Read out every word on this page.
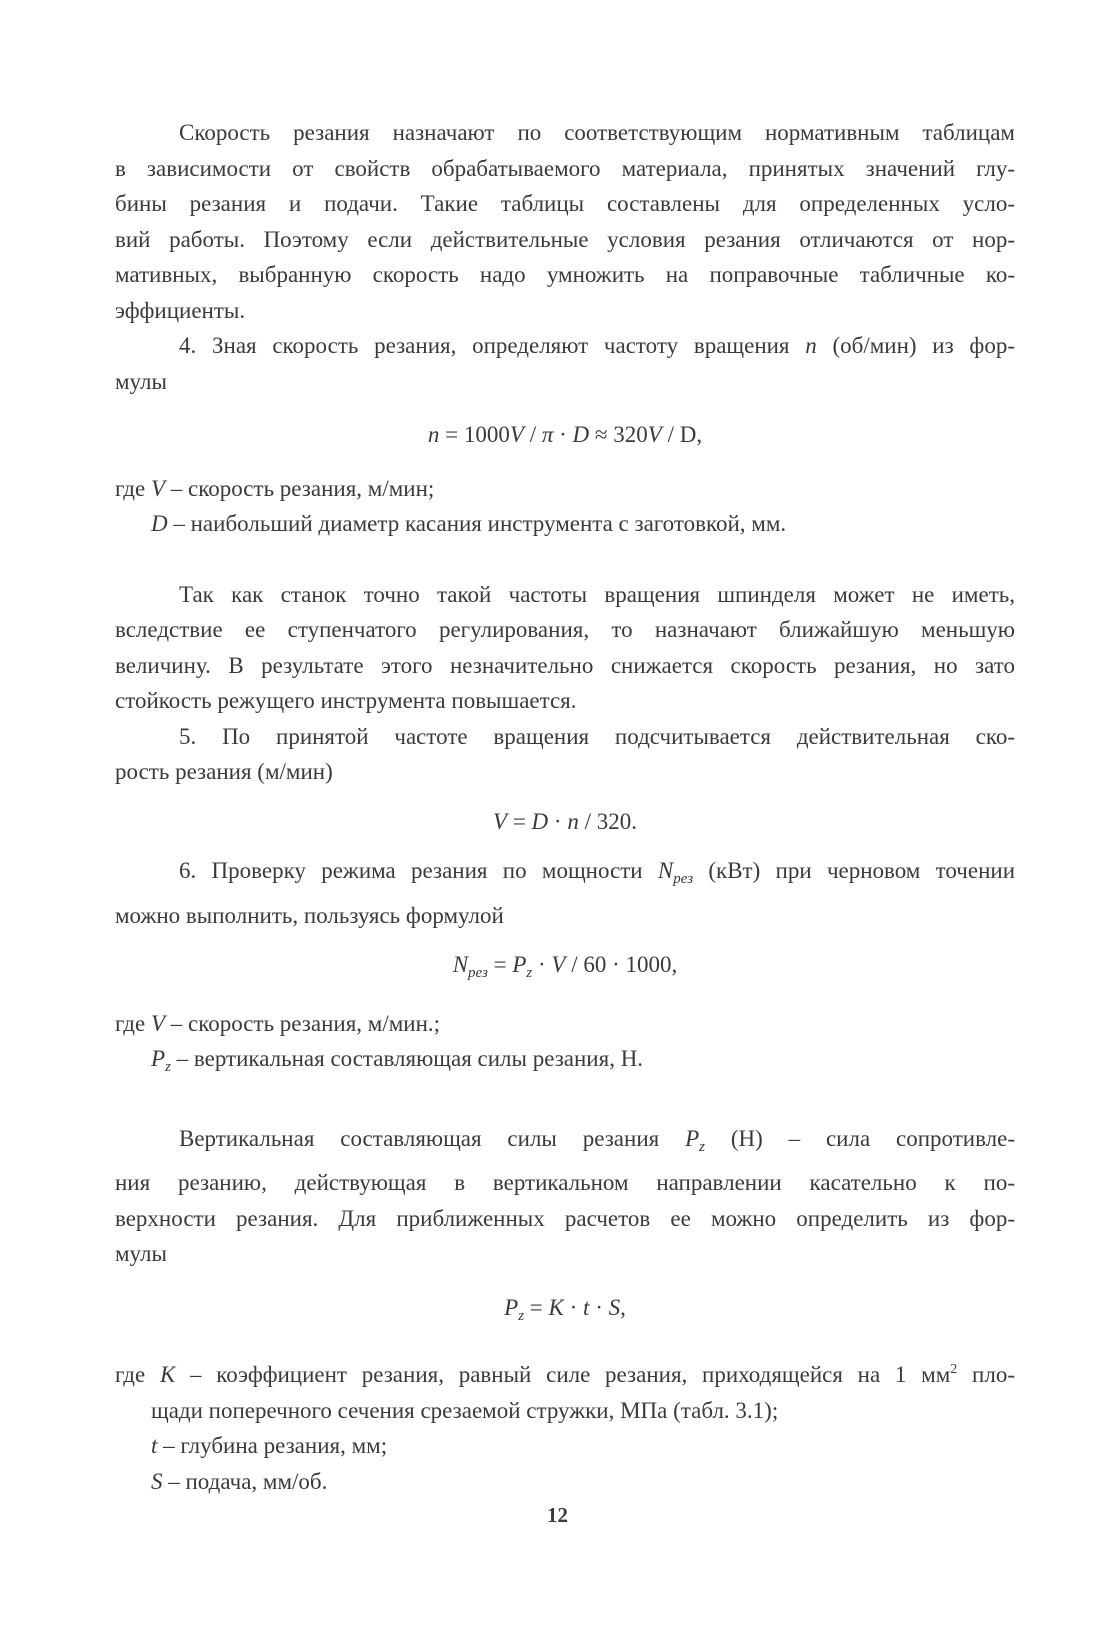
Скорость резания назначают по соответствующим нормативным таблицам
в зависимости от свойств обрабатываемого материала, принятых значений глу-
бины резания и подачи. Такие таблицы составлены для определенных усло-
вий работы. Поэтому если действительные условия резания отличаются от нор-
мативных, выбранную скорость надо умножить на поправочные табличные ко-
эффициенты.

4. Зная скорость резания, определяют частоту вращения n (об/мин) из фор-
мулы

n = 1000V / π · D ≈ 320V / D,

где V – скорость резания, м/мин;

D – наибольший диаметр касания инструмента с заготовкой, мм.

Так как станок точно такой частоты вращения шпинделя может не иметь,
вследствие ее ступенчатого регулирования, то назначают ближайшую меньшую
величину. В результате этого незначительно снижается скорость резания, но зато
стойкость режущего инструмента повышается.

5. По принятой частоте вращения подсчитывается действительная ско-
рость резания (м/мин)

V = D · n / 320.

6. Проверку режима резания по мощности $N_{рез}$ (кВт) при черновом точении
можно выполнить, пользуясь формулой

$N_{рез} = P_z \cdot V / 60 \cdot 1000$,

где V – скорость резания, м/мин.;

$P_z$ – вертикальная составляющая силы резания, Н.

Вертикальная составляющая силы резания $P_z$ (Н) – сила сопротивле-
ния резанию, действующая в вертикальном направлении касательно к по-
верхности резания. Для приближенных расчетов ее можно определить из фор-
мулы

$P_z = K \cdot t \cdot S$,

где K – коэффициент резания, равный силе резания, приходящейся на 1 $мм^2$ пло-
щади поперечного сечения срезаемой стружки, МПа (табл. 3.1);

t – глубина резания, мм;

S – подача, мм/об.

12
